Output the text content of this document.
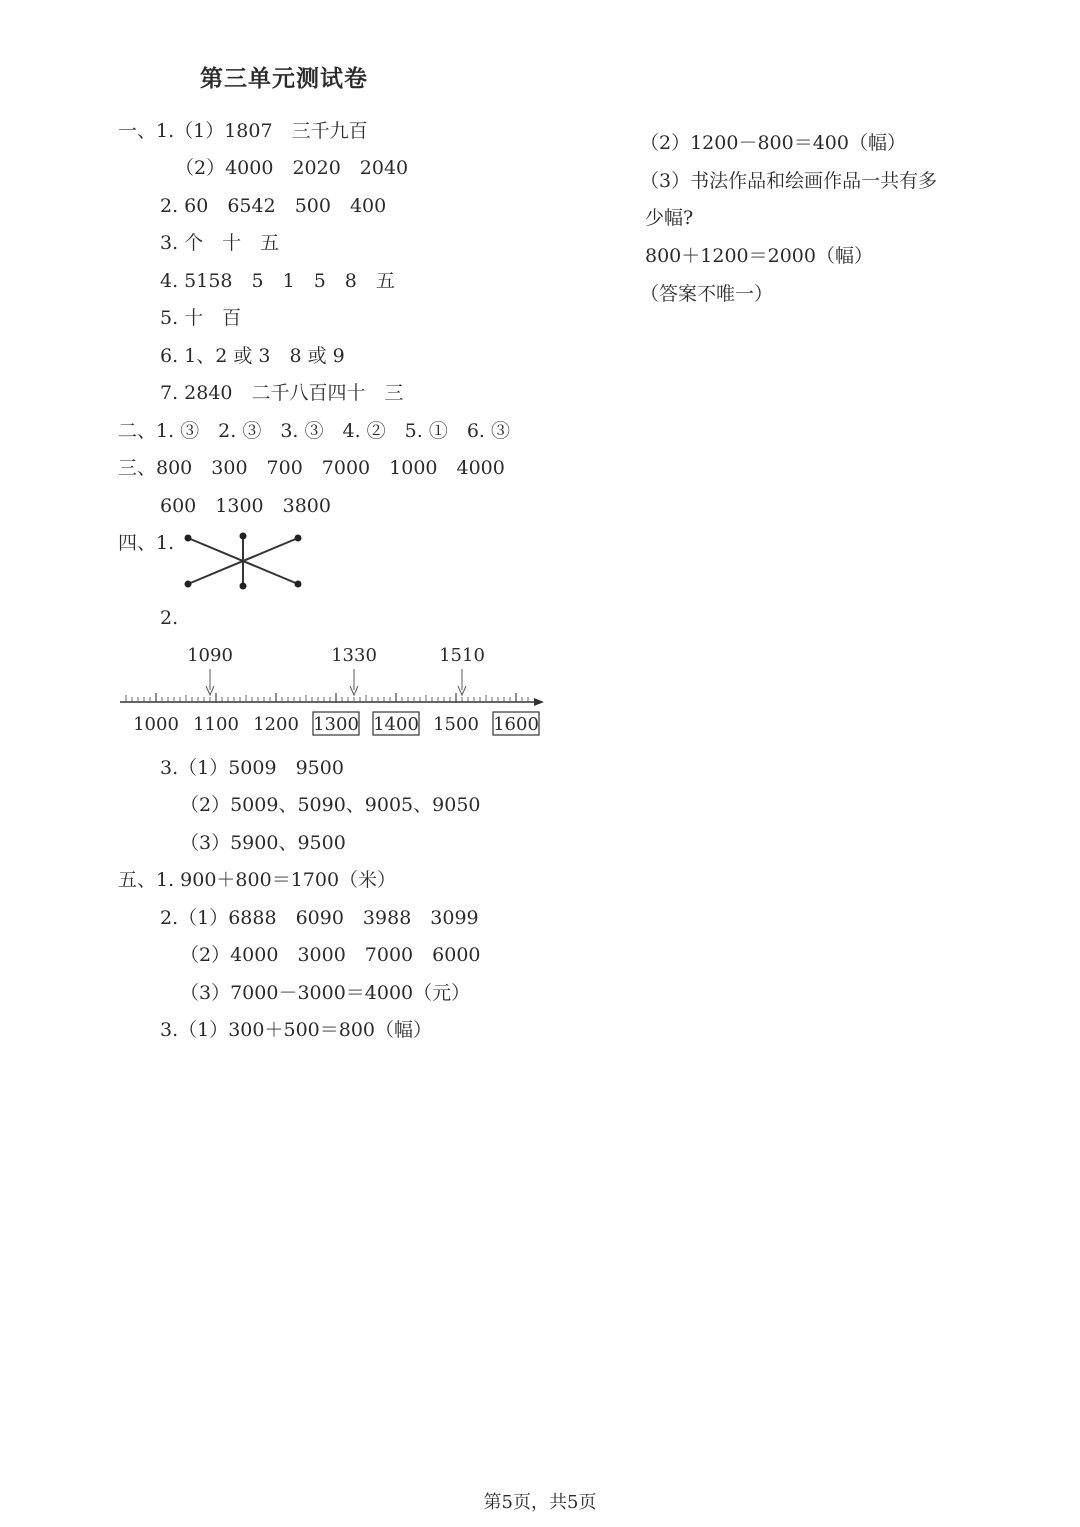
第三单元测试卷
一、1.（1）1807　三千九百
（2）4000　2020　2040
2. 60　6542　500　400
3. 个　十　五
4. 5158　5　1　5　8　五
5. 十　百
6. 1、2 或 3　8 或 9
7. 2840　二千八百四十　三
二、1. ③　2. ③　3. ③　4. ②　5. ①　6. ③
三、800　300　700　7000　1000　4000
600　1300　3800
四、1.
2.
1000 1100 1200 1300 1400 1500 1600
1090	1330	1510
3.（1）5009　9500
（2）5009、5090、9005、9050
（3）5900、9500
五、1. 900＋800＝1700（米）
2.（1）6888　6090　3988　3099
（2）4000　3000　7000　6000
（3）7000－3000＝4000（元）
3.（1）300＋500＝800（幅）
（2）1200－800＝400（幅）
（3）书法作品和绘画作品一共有多
少幅?
800＋1200＝2000（幅）
（答案不唯一）
第5页，共5页
